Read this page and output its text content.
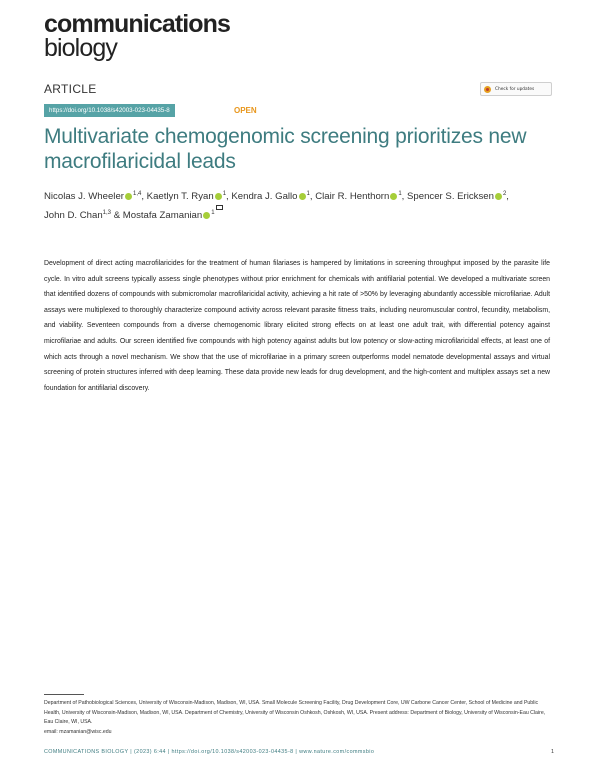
communications
biology
ARTICLE	Check for updates
https://doi.org/10.1038/s42003-023-04435-8	OPEN
Multivariate chemogenomic screening prioritizes new macrofilaricidal leads
Nicolas J. Wheeler $^{1,4}$, Kaetlyn T. Ryan $^1$, Kendra J. Gallo $^1$, Clair R. Henthorn $^1$, Spencer S. Ericksen $^2$,
John D. Chan$^{1,3}$ & Mostafa Zamanian $^1$
Development of direct acting macrofilaricides for the treatment of human filariases is hampered by limitations in screening throughput imposed by the parasite life cycle. In vitro adult screens typically assess single phenotypes without prior enrichment for chemicals with antifilarial potential. We developed a multivariate screen that identified dozens of compounds with submicromolar macrofilaricidal activity, achieving a hit rate of >50% by leveraging abundantly accessible microfilariae. Adult assays were multiplexed to thoroughly characterize compound activity across relevant parasite fitness traits, including neuromuscular control, fecundity, metabolism, and viability. Seventeen compounds from a diverse chemogenomic library elicited strong effects on at least one adult trait, with differential potency against microfilariae and adults. Our screen identified five compounds with high potency against adults but low potency or slow-acting microfilaricidal effects, at least one of which acts through a novel mechanism. We show that the use of microfilariae in a primary screen outperforms model nematode developmental assays and virtual screening of protein structures inferred with deep learning. These data provide new leads for drug development, and the high-content and multiplex assays set a new foundation for antifilarial discovery.
Department of Pathobiological Sciences, University of Wisconsin-Madison, Madison, WI, USA. Small Molecule Screening Facility, Drug Development Core, UW Carbone Cancer Center, School of Medicine and Public Health, University of Wisconsin-Madison, Madison, WI, USA. Department of Chemistry, University of Wisconsin Oshkosh, Oshkosh, WI, USA. Present address: Department of Biology, University of Wisconsin-Eau Claire, Eau Claire, WI, USA.
email: mzamanian@wisc.edu
COMMUNICATIONS BIOLOGY | (2023) 6:44 | https://doi.org/10.1038/s42003-023-04435-8 | www.nature.com/commsbio	1
